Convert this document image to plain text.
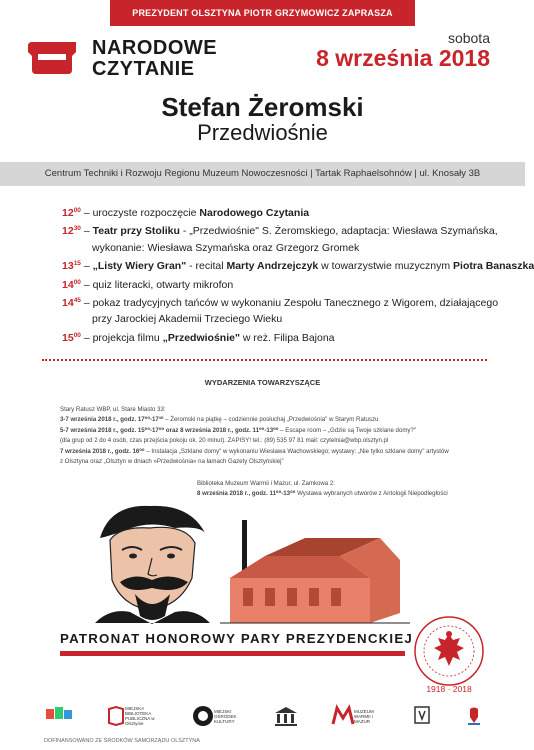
PREZYDENT OLSZTYNA PIOTR GRZYMOWICZ ZAPRASZA
NARODOWE
CZYTANIE
sobota
8 września 2018
Stefan Żeromski
Przedwiośnie
Centrum Techniki i Rozwoju Regionu Muzeum Nowoczesności | Tartak Raphaelsohnów | ul. Knosały 3B
$12^{00}$ – uroczyste rozpoczęcie Narodowego Czytania
$12^{30}$ – Teatr przy Stoliku - „Przedwiośnie" S. Żeromskiego, adaptacja: Wiesława Szymańska,
wykonanie: Wiesława Szymańska oraz Grzegorz Gromek
$13^{15}$ – „Listy Wiery Gran" - recital Marty Andrzejczyk w towarzystwie muzycznym Piotra Banaszka
$14^{00}$ – quiz literacki, otwarty mikrofon
$14^{45}$ – pokaz tradycyjnych tańców w wykonaniu Zespołu Tanecznego z Wigorem, działającego
przy Jarockiej Akademii Trzeciego Wieku
$15^{00}$ – projekcja filmu „Przedwiośnie" w reż. Filipa Bajona
WYDARZENIA TOWARZYSZĄCE
Stary Ratusz WBP, ul. Stare Miasto 33:
3-7 września 2018 r., godz. 17⁰⁰-17³⁰ – Żeromski na piątkę – codziennie posłuchaj „Przedwiośnia" w Starym Ratuszu
5-7 września 2018 r., godz. 15⁰⁰-17⁰⁰ oraz 8 września 2018 r., godz. 11⁰⁰-13⁰⁰ – Escape room – „Gdzie są Twoje szklane domy?"
(dla grup od 2 do 4 osób, czas przejścia pokoju ok. 20 minut). ZAPISY! tel.: (89) 535 97 81 mail: czytelnia@wbp.olsztyn.pl
7 września 2018 r., godz. 16⁰⁰ – Instalacja „Szklane domy" w wykonaniu Wiesława Wachowskiego; wystawy: „Nie tylko szklane domy" artystów
z Olsztyna oraz „Olsztyn w dniach »Przedwiośnia« na łamach Gazety Olsztyńskiej"
Biblioteka Muzeum Warmii i Mazur, ul. Zamkowa 2:
8 września 2018 r., godz. 11⁰⁰-13⁰⁰ Wystawa wybranych utworów z Antologii Niepodległości
PATRONAT HONOROWY PARY PREZYDENCKIEJ
1918 · 2018
MIEJSKA BIBLIOTEKA PUBLICZNA w Olsztynie
MIEJSKI OŚRODEK KULTURY
MUZEUM WARMII i MAZUR
DOFINANSOWANO ZE ŚRODKÓW SAMORZĄDU OLSZTYNA
